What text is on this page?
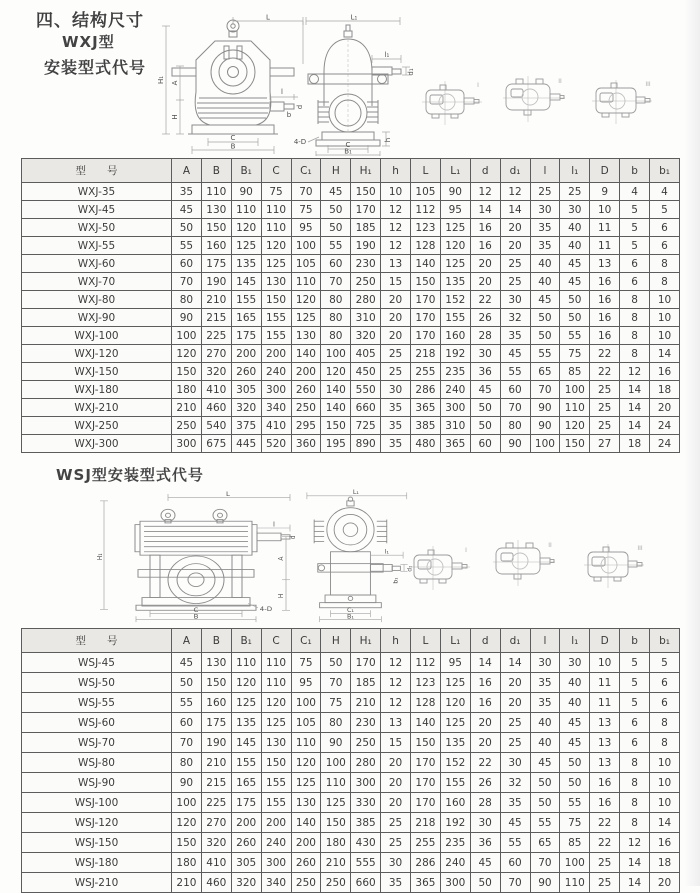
四、结构尺寸
WXJ型
安装型式代号
WSJ型安装型式代号
L
H₁ A
H
l
d
b
C
B
L₁
l₁
d₁
4-D	C
B₁
h
I
II	III
型　　号	A	B	B₁	C	C₁	H	H₁	h	L	L₁	d	d₁	l	l₁	D	b	b₁
WXJ-35	35	110	90	75	70	45	150	10	105	90	12	12	25	25	9	4	4
WXJ-45	45	130	110	110	75	50	170	12	112	95	14	14	30	30	10	5	5
WXJ-50	50	150	120	110	95	50	185	12	123	125	16	20	35	40	11	5	6
WXJ-55	55	160	125	120	100	55	190	12	128	120	16	20	35	40	11	5	6
WXJ-60	60	175	135	125	105	60	230	13	140	125	20	25	40	45	13	6	8
WXJ-70	70	190	145	130	110	70	250	15	150	135	20	25	40	45	16	6	8
WXJ-80	80	210	155	150	120	80	280	20	170	152	22	30	45	50	16	8	10
WXJ-90	90	215	165	155	125	80	310	20	170	155	26	32	50	50	16	8	10
WXJ-100	100	225	175	155	130	80	320	20	170	160	28	35	50	55	16	8	10
WXJ-120	120	270	200	200	140	100	405	25	218	192	30	45	55	75	22	8	14
WXJ-150	150	320	260	240	200	120	450	25	255	235	36	55	65	85	22	12	16
WXJ-180	180	410	305	300	260	140	550	30	286	240	45	60	70	100	25	14	18
WXJ-210	210	460	320	340	250	140	660	35	365	300	50	70	90	110	25	14	20
WXJ-250	250	540	375	410	295	150	725	35	385	310	50	80	90	120	25	14	24
WXJ-300	300	675	445	520	360	195	890	35	480	365	60	90	100	150	27	18	24
L
l
d
H₁	A
H
4-D
C
B
L₁
l₁
d₁
b₁
C₁
B₁
I
II	III
型　　号	A	B	B₁	C	C₁	H	H₁	h	L	L₁	d	d₁	l	l₁	D	b	b₁
WSJ-45	45	130	110	110	75	50	170	12	112	95	14	14	30	30	10	5	5
WSJ-50	50	150	120	110	95	70	185	12	123	125	16	20	35	40	11	5	6
WSJ-55	55	160	125	120	100	75	210	12	128	120	16	20	35	40	11	5	6
WSJ-60	60	175	135	125	105	80	230	13	140	125	20	25	40	45	13	6	8
WSJ-70	70	190	145	130	110	90	250	15	150	135	20	25	40	45	13	6	8
WSJ-80	80	210	155	150	120	100	280	20	170	152	22	30	45	50	13	8	10
WSJ-90	90	215	165	155	125	110	300	20	170	155	26	32	50	50	16	8	10
WSJ-100	100	225	175	155	130	125	330	20	170	160	28	35	50	55	16	8	10
WSJ-120	120	270	200	200	140	150	385	25	218	192	30	45	55	75	22	8	14
WSJ-150	150	320	260	240	200	180	430	25	255	235	36	55	65	85	22	12	16
WSJ-180	180	410	305	300	260	210	555	30	286	240	45	60	70	100	25	14	18
WSJ-210	210	460	320	340	250	250	660	35	365	300	50	70	90	110	25	14	20
